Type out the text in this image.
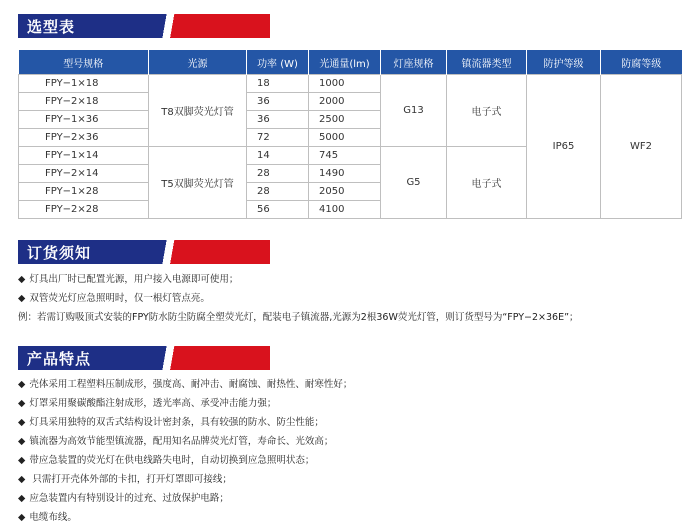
选型表
型号规格	光源	功率 (W)	光通量(lm)	灯座规格	镇流器类型	防护等级	防腐等级
FPY−1×18	T8双脚荧光灯管	18	1000	G13	电子式	IP65	WF2
FPY−2×18		36	2000				
FPY−1×36		36	2500				
FPY−2×36		72	5000				
FPY−1×14	T5双脚荧光灯管	14	745	G5	电子式		
FPY−2×14		28	1490				
FPY−1×28		28	2050				
FPY−2×28		56	4100				
订货须知
◆ 灯具出厂时已配置光源，用户接入电源即可使用；
◆ 双管荧光灯应急照明时，仅一根灯管点亮。
例：若需订购吸顶式安装的FPY防水防尘防腐全塑荧光灯，配装电子镇流器,光源为2根36W荧光灯管，则订货型号为“FPY−2×36E”；
产品特点
◆ 壳体采用工程塑料压制成形，强度高、耐冲击、耐腐蚀、耐热性、耐寒性好；
◆ 灯罩采用聚碳酸酯注射成形，透光率高、承受冲击能力强；
◆ 灯具采用独特的双舌式结构设计密封条，具有较强的防水、防尘性能；
◆ 镇流器为高效节能型镇流器，配用知名品牌荧光灯管，寿命长、光效高；
◆ 带应急装置的荧光灯在供电线路失电时，自动切换到应急照明状态；
◆ 只需打开壳体外部的卡扣，打开灯罩即可接线；
◆ 应急装置内有特别设计的过充、过放保护电路；
◆ 电缆布线。
